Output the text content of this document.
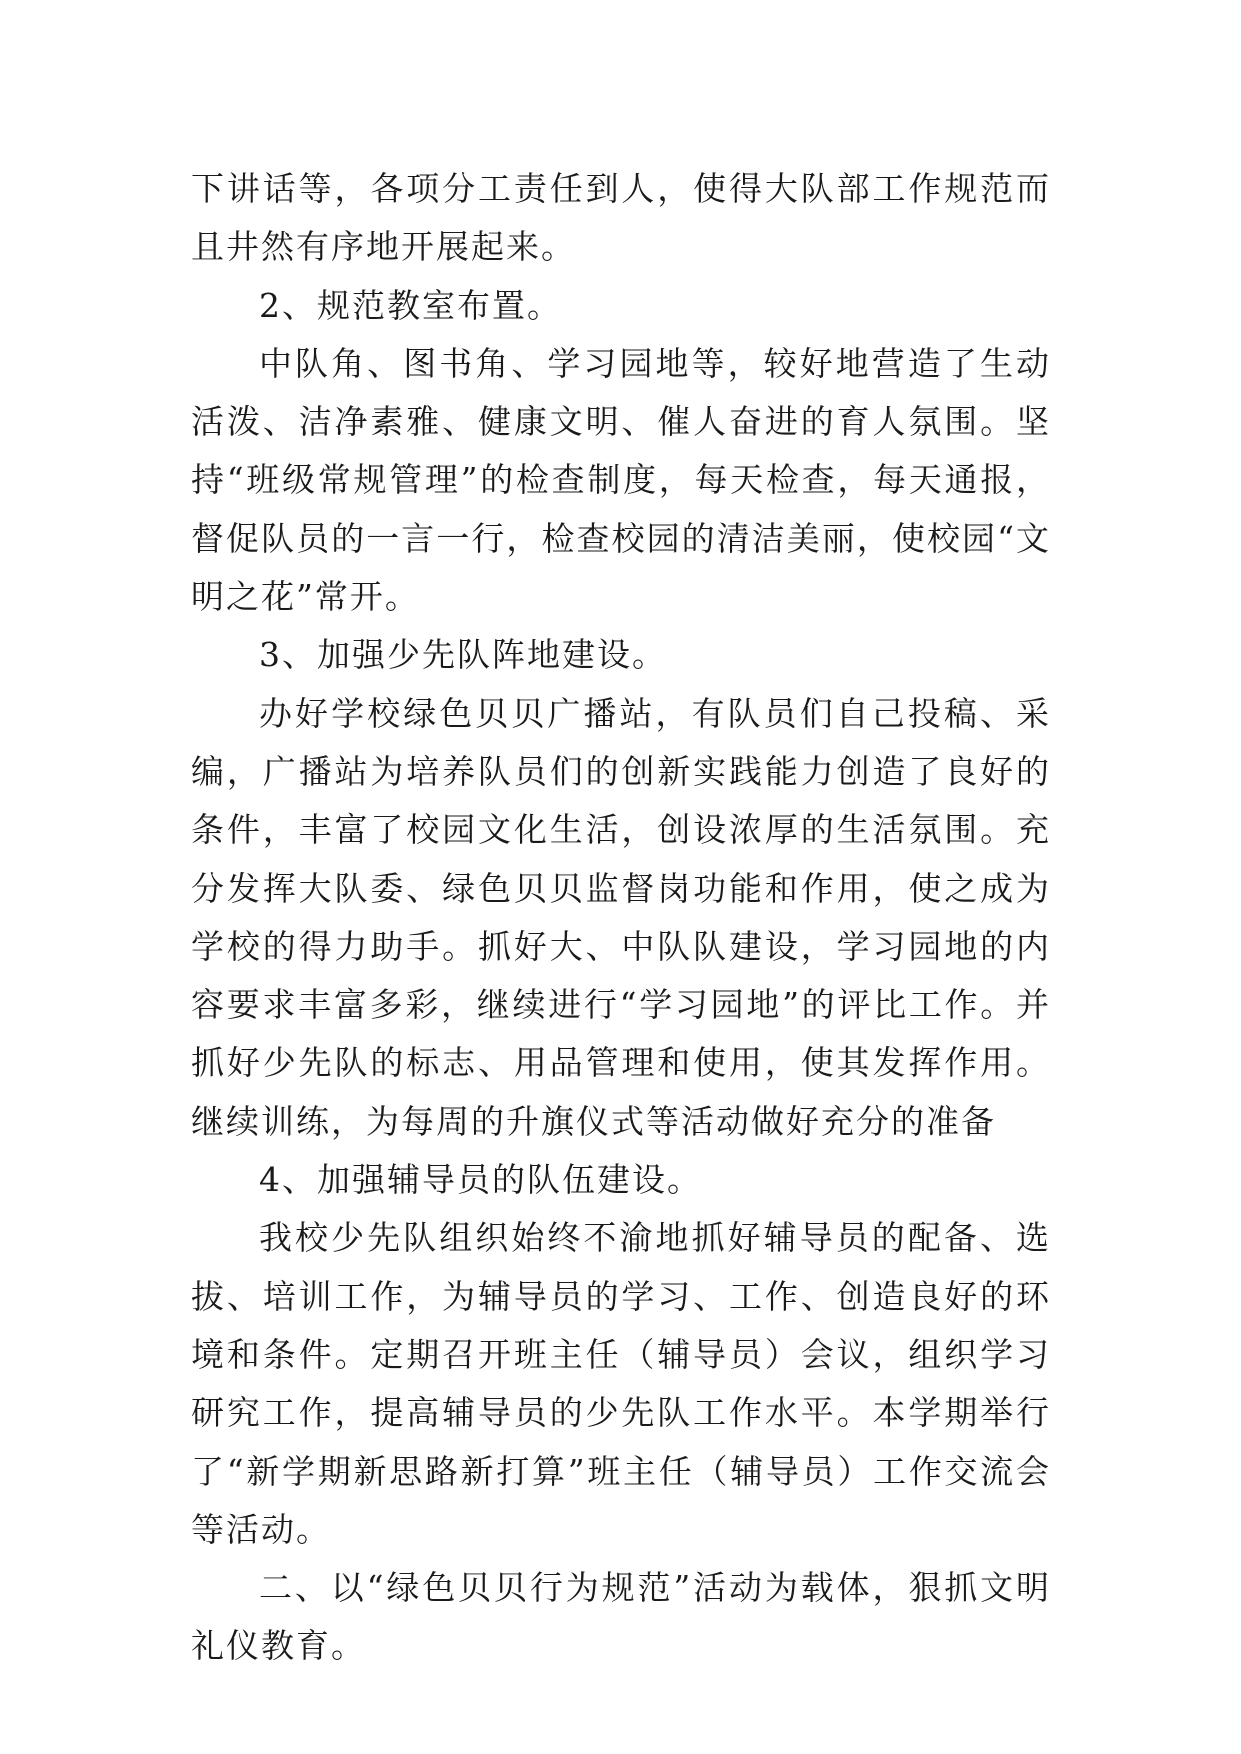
下讲话等，各项分工责任到人，使得大队部工作规范而且井然有序地开展起来。

2、规范教室布置。

中队角、图书角、学习园地等，较好地营造了生动活泼、洁净素雅、健康文明、催人奋进的育人氛围。坚持“班级常规管理”的检查制度，每天检查，每天通报，督促队员的一言一行，检查校园的清洁美丽，使校园“文明之花”常开。

3、加强少先队阵地建设。

办好学校绿色贝贝广播站，有队员们自己投稿、采编，广播站为培养队员们的创新实践能力创造了良好的条件，丰富了校园文化生活，创设浓厚的生活氛围。充分发挥大队委、绿色贝贝监督岗功能和作用，使之成为学校的得力助手。抓好大、中队队建设，学习园地的内容要求丰富多彩，继续进行“学习园地”的评比工作。并抓好少先队的标志、用品管理和使用，使其发挥作用。继续训练，为每周的升旗仪式等活动做好充分的准备

4、加强辅导员的队伍建设。

我校少先队组织始终不渝地抓好辅导员的配备、选拔、培训工作，为辅导员的学习、工作、创造良好的环境和条件。定期召开班主任（辅导员）会议，组织学习研究工作，提高辅导员的少先队工作水平。本学期举行了“新学期新思路新打算”班主任（辅导员）工作交流会等活动。

二、以“绿色贝贝行为规范”活动为载体，狠抓文明礼仪教育。
